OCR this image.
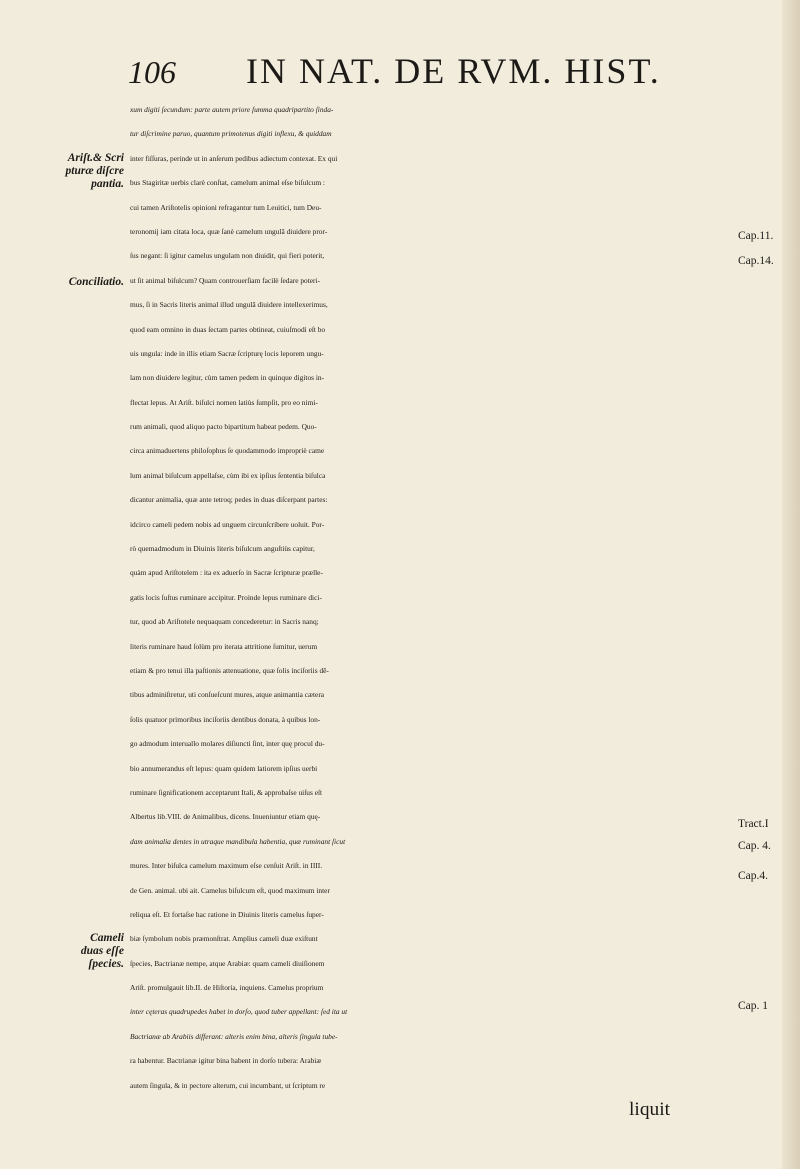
106 IN NAT. DE RVM. HIST.
xum digiti ſecundum: parte autem priore ſumma quadripartito ſinda-
tur diſcrimine paruo, quantum primotenus digiti inflexu, & quiddam
inter fiſſuras, perinde ut in anſerum pedibus adiectum contexat. Ex qui
bus Stagiritæ uerbis clarè conſtat, camelum animal eſse biſulcum :
cui tamen Ariſtotelis opinioni refragantur tum Leuitici, tum Deu-
teronomij iam citata loca, quæ ſanè camelum ungulā diuidere pror-
ſus negant: ſi igitur camelus ungulam non diuidit, qui fieri poterit,
ut ſit animal biſulcum? Quam controuerſiam facilè ſedare poteri-
mus, ſi in Sacris literis animal illud ungulā diuidere intellexerimus,
quod eam omnino in duas ſectam partes obtineat, cuiuſmodi eſt bo
uis ungula: inde in illis etiam Sacræ ſcripturę locis leporem ungu-
lam non diuidere legitur, cùm tamen pedem in quinque digitos in-
flectat lepus. At Ariſt. biſulci nomen latiùs ſumpſit, pro eo nimi-
rum animali, quod aliquo pacto bipartitum habeat pedem. Quo-
circa animaduertens philoſophus ſe quodammodo impropriè came
lum animal biſulcum appellaſse, cùm ibi ex ipſius ſententia biſulca
dicantur animalia, quæ ante tetroq; pedes in duas diſcerpant partes:
idcirco cameli pedem nobis ad unguem circunſcribere uoluit. Por-
rò quemadmodum in Diuinis literis biſulcum anguſtiùs capitur,
quàm apud Ariſtotelem : ita ex aduerſo in Sacræ ſcripturæ prælle-
gatis locis ſuſtus ruminare accipitur. Proinde lepus ruminare dici-
tur, quod ab Ariſtotele nequaquam concederetur: in Sacris nanq;
literis ruminare haud ſolùm pro iterata attritione ſumitur, uerum
etiam & pro tenui illa paſtionis attenuatione, quæ ſolis inciſoriis dē-
tibus adminiſtretur, uti conſueſcunt mures, atque animantia cætera
ſolis quatuor primoribus inciſoriis dentibus donata, à quibus lon-
go admodum interuallo molares diſiuncti ſint, inter quę procul du-
bio annumerandus eſt lepus: quam quidem latiorem ipſius uerbi
ruminare ſignificationem acceptarunt Itali, & approbaſse uiſus eſt
Albertus lib.VIII. de Animalibus, dicens. Inueniuntur etiam quę-
dam animalia dentes in utraque mandibula habentia, quæ ruminant ſicut
mures. Inter biſulca camelum maximum eſse cenſuit Ariſt. in IIII.
de Gen. animal. ubi ait. Camelus biſulcum eſt, quod maximum inter
reliqua eſt. Et fortaſse hac ratione in Diuinis literis camelus ſuper-
biæ ſymbolum nobis præmonſtrat. Amplius cameli duæ exiſtunt
ſpecies, Bactrianæ nempe, atque Arabiæ: quam cameli diuiſionem
Ariſt. promulgauit lib.II. de Hiſtoria, inquiens. Camelus proprium
inter cęteras quadrupedes habet in dorſo, quod tuber appellant: ſed ita ut
Bactrianæ ab Arabiis differant: alteris enim bina, alteris ſingula tube-
ra habentur. Bactrianæ igitur bina habent in dorſo tubera: Arabiæ
autem ſingula, & in pectore alterum, cui incumbant, ut ſcriptum re
liquit
Ariſt.& Scri
pturæ diſcre
pantia.
Conciliatio.
Cameli
duas eſſe
ſpecies.
Cap.11.
Cap.14.
Tract.I
Cap. 4.
Cap.4.
Cap. 1
